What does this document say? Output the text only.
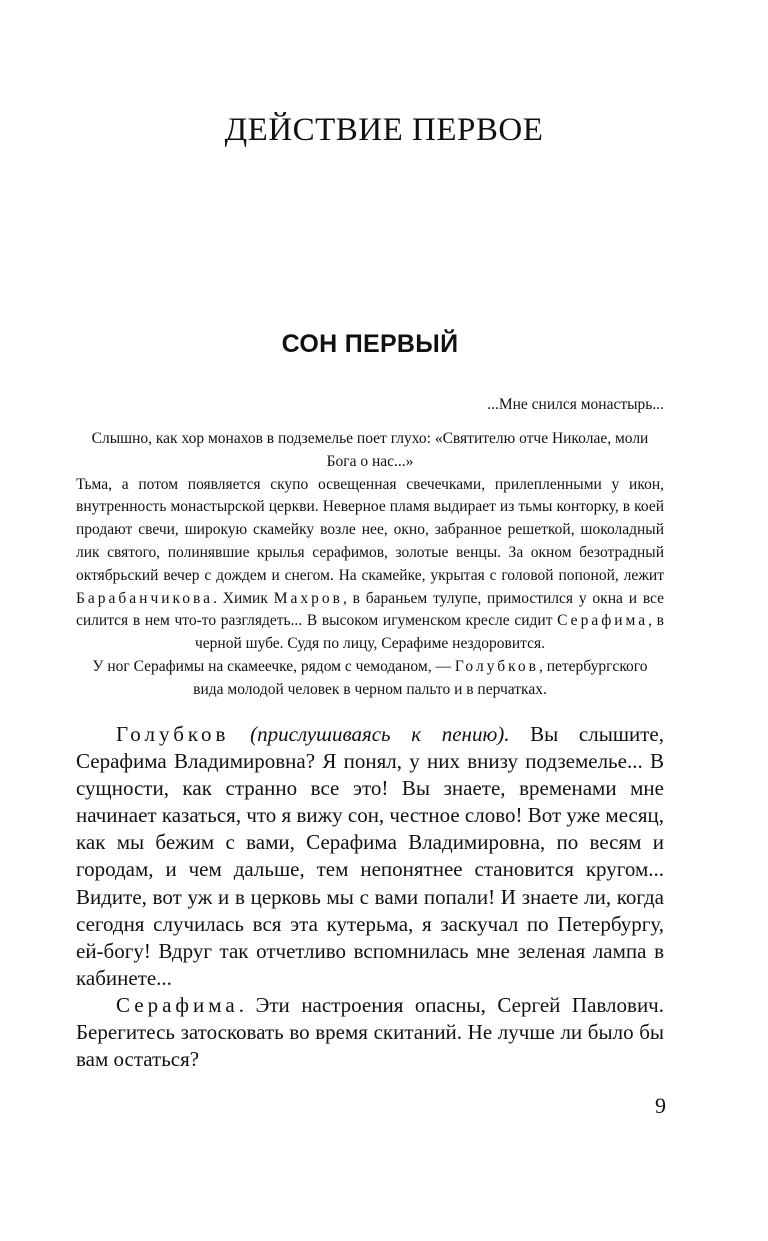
ДЕЙСТВИЕ ПЕРВОЕ
СОН ПЕРВЫЙ

...Мне снился монастырь...

Слышно, как хор монахов в подземелье поет глухо: «Святителю отче Николае, моли Бога о нас...»

Тьма, а потом появляется скупо освещенная свечечками, прилепленными у икон, внутренность монастырской церкви. Неверное пламя выдирает из тьмы конторку, в коей продают свечи, широкую скамейку возле нее, окно, забранное решеткой, шоколадный лик святого, полинявшие крылья серафимов, золотые венцы. За окном безотрадный октябрьский вечер с дождем и снегом. На скамейке, укрытая с головой попоной, лежит Барабанчикова. Химик Махров, в бараньем тулупе, примостился у окна и все силится в нем что-то разглядеть... В высоком игуменском кресле сидит Серафима, в черной шубе. Судя по лицу, Серафиме нездоровится.

У ног Серафимы на скамеечке, рядом с чемоданом, — Голубков, петербургского вида молодой человек в черном пальто и в перчатках.

Голубков (прислушиваясь к пению). Вы слышите, Серафима Владимировна? Я понял, у них внизу подземелье... В сущности, как странно все это! Вы знаете, временами мне начинает казаться, что я вижу сон, честное слово! Вот уже месяц, как мы бежим с вами, Серафима Владимировна, по весям и городам, и чем дальше, тем непонятнее становится кругом... Видите, вот уж и в церковь мы с вами попали! И знаете ли, когда сегодня случилась вся эта кутерьма, я заскучал по Петербургу, ей-богу! Вдруг так отчетливо вспомнилась мне зеленая лампа в кабинете...

Серафима. Эти настроения опасны, Сергей Павлович. Берегитесь затосковать во время скитаний. Не лучше ли было бы вам остаться?

9
